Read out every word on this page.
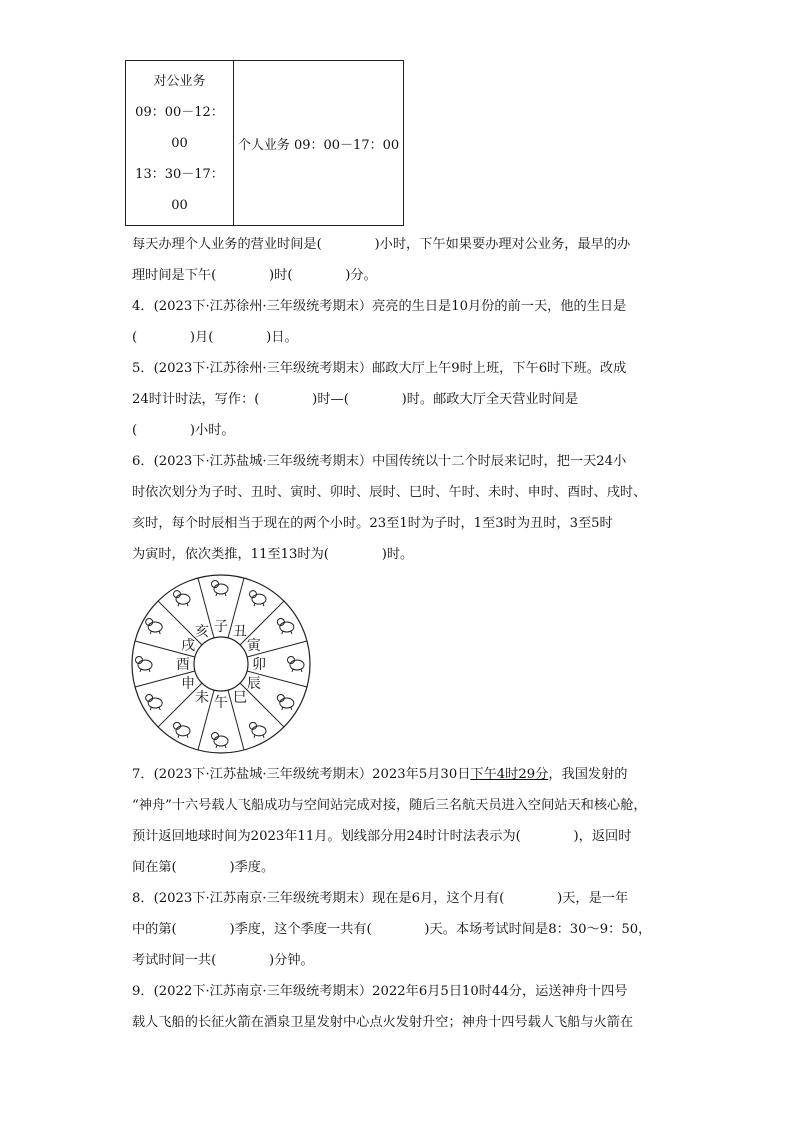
对公业务
09：00－12：
00
13：30－17：
00
个人业务 09：00－17：00
每天办理个人业务的营业时间是(　　　　)小时，下午如果要办理对公业务，最早的办
理时间是下午(　　　　)时(　　　　)分。
4．(2023下·江苏徐州·三年级统考期末）亮亮的生日是10月份的前一天，他的生日是
(　　　　)月(　　　　)日。
5．(2023下·江苏徐州·三年级统考期末）邮政大厅上午9时上班，下午6时下班。改成
24时计时法，写作：(　　　　)时—(　　　　)时。邮政大厅全天营业时间是
(　　　　)小时。
6．(2023下·江苏盐城·三年级统考期末）中国传统以十二个时辰来记时，把一天24小
时依次划分为子时、丑时、寅时、卯时、辰时、巳时、午时、未时、申时、酉时、戌时、
亥时，每个时辰相当于现在的两个小时。23至1时为子时，1至3时为丑时，3至5时
为寅时，依次类推，11至13时为(　　　　)时。
子 丑
寅
卯
辰
巳
午
未
申
酉
戌
亥
7．(2023下·江苏盐城·三年级统考期末）2023年5月30日下午4时29分，我国发射的
“神舟”十六号载人飞船成功与空间站完成对接，随后三名航天员进入空间站天和核心舱，
预计返回地球时间为2023年11月。划线部分用24时计时法表示为(　　　　)，返回时
间在第(　　　　)季度。
8．(2023下·江苏南京·三年级统考期末）现在是6月，这个月有(　　　　)天，是一年
中的第(　　　　)季度，这个季度一共有(　　　　)天。本场考试时间是8：30～9：50，
考试时间一共(　　　　)分钟。
9．(2022下·江苏南京·三年级统考期末）2022年6月5日10时44分，运送神舟十四号
载人飞船的长征火箭在酒泉卫星发射中心点火发射升空；神舟十四号载人飞船与火箭在
